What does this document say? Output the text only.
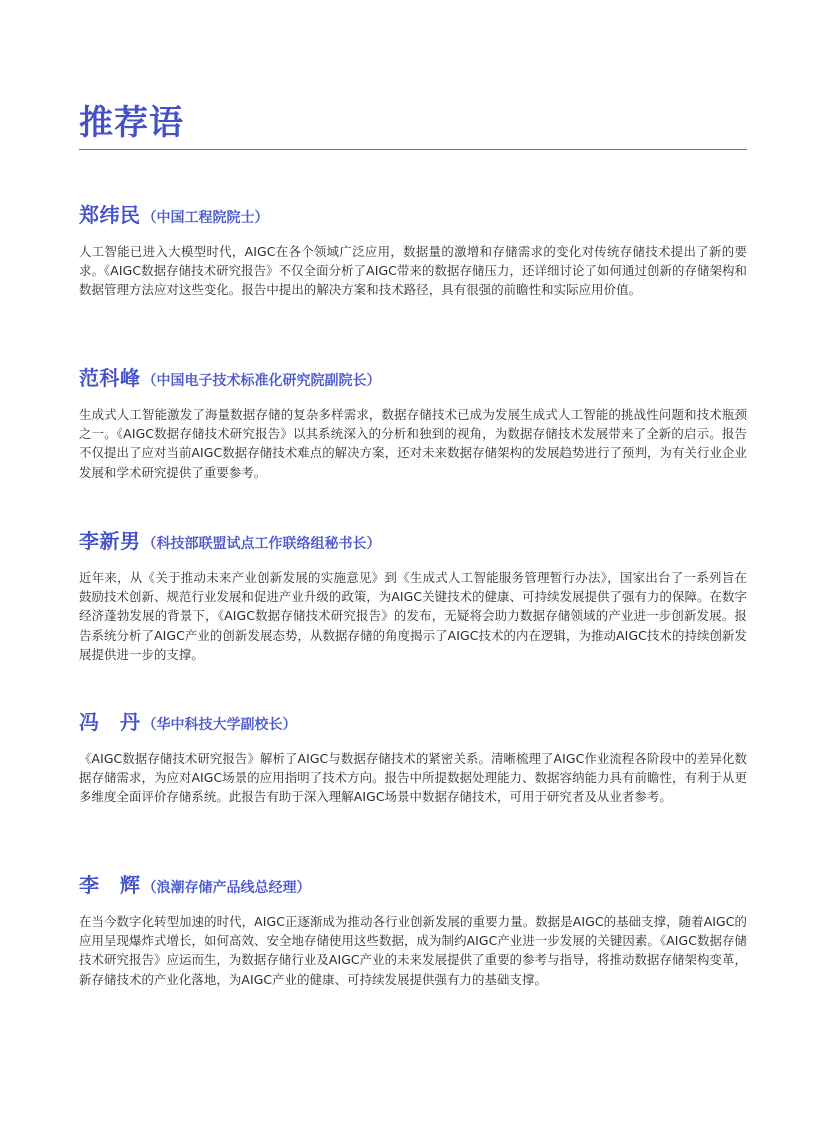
推荐语
郑纬民 （中国工程院院士）

人工智能已进入大模型时代，AIGC在各个领域广泛应用，数据量的激增和存储需求的变化对传统存储技术提出了新的要求。《AIGC数据存储技术研究报告》不仅全面分析了AIGC带来的数据存储压力，还详细讨论了如何通过创新的存储架构和数据管理方法应对这些变化。报告中提出的解决方案和技术路径，具有很强的前瞻性和实际应用价值。

范科峰 （中国电子技术标准化研究院副院长）

生成式人工智能激发了海量数据存储的复杂多样需求，数据存储技术已成为发展生成式人工智能的挑战性问题和技术瓶颈之一。《AIGC数据存储技术研究报告》以其系统深入的分析和独到的视角，为数据存储技术发展带来了全新的启示。报告不仅提出了应对当前AIGC数据存储技术难点的解决方案，还对未来数据存储架构的发展趋势进行了预判，为有关行业企业发展和学术研究提供了重要参考。

李新男 （科技部联盟试点工作联络组秘书长）

近年来，从《关于推动未来产业创新发展的实施意见》到《生成式人工智能服务管理暂行办法》，国家出台了一系列旨在鼓励技术创新、规范行业发展和促进产业升级的政策，为AIGC关键技术的健康、可持续发展提供了强有力的保障。在数字经济蓬勃发展的背景下，《AIGC数据存储技术研究报告》的发布，无疑将会助力数据存储领域的产业进一步创新发展。报告系统分析了AIGC产业的创新发展态势，从数据存储的角度揭示了AIGC技术的内在逻辑，为推动AIGC技术的持续创新发展提供进一步的支撑。

冯　丹 （华中科技大学副校长）

《AIGC数据存储技术研究报告》解析了AIGC与数据存储技术的紧密关系。清晰梳理了AIGC作业流程各阶段中的差异化数据存储需求，为应对AIGC场景的应用指明了技术方向。报告中所提数据处理能力、数据容纳能力具有前瞻性，有利于从更多维度全面评价存储系统。此报告有助于深入理解AIGC场景中数据存储技术，可用于研究者及从业者参考。

李　辉 （浪潮存储产品线总经理）

在当今数字化转型加速的时代，AIGC正逐渐成为推动各行业创新发展的重要力量。数据是AIGC的基础支撑，随着AIGC的应用呈现爆炸式增长，如何高效、安全地存储使用这些数据，成为制约AIGC产业进一步发展的关键因素。《AIGC数据存储技术研究报告》应运而生，为数据存储行业及AIGC产业的未来发展提供了重要的参考与指导，将推动数据存储架构变革，新存储技术的产业化落地，为AIGC产业的健康、可持续发展提供强有力的基础支撑。
